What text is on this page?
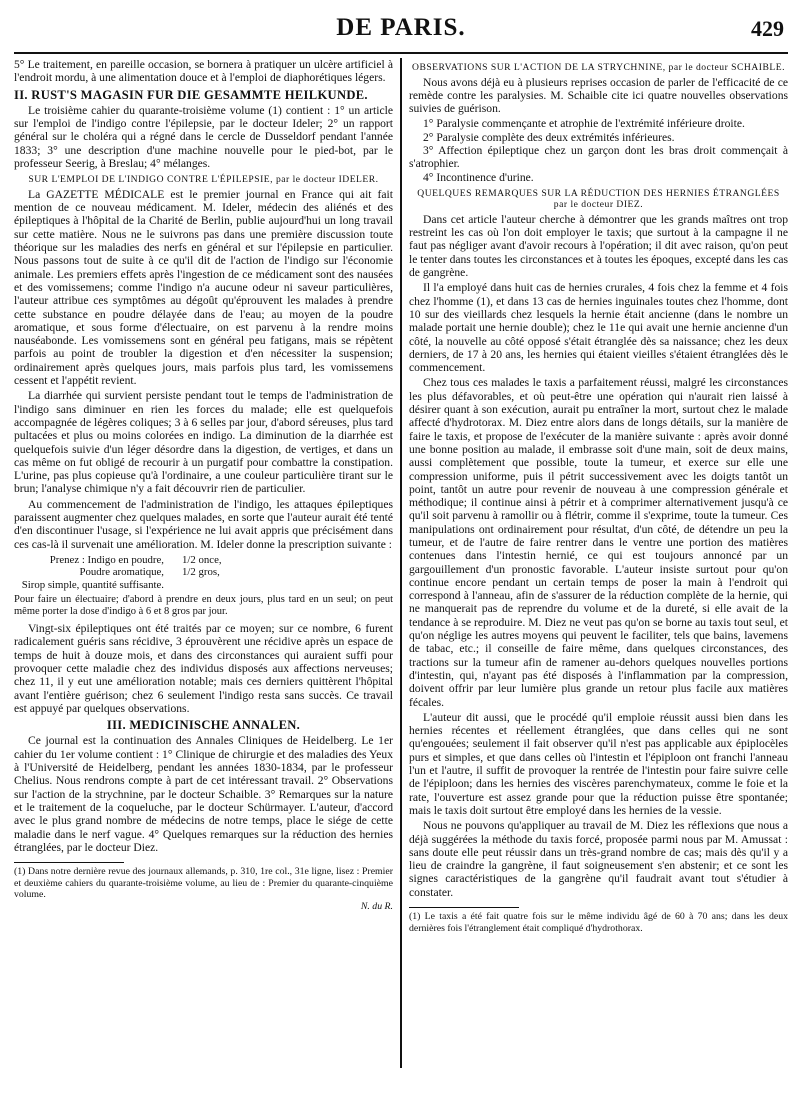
DE PARIS.	429

5° Le traitement, en pareille occasion, se bornera à pratiquer un ulcère artificiel à l'endroit mordu, à une alimentation douce et à l'emploi de diaphorétiques légers.

II. RUST'S MAGASIN FUR DIE GESAMMTE HEILKUNDE.

Le troisième cahier du quarante-troisième volume (1) contient : 1° un article sur l'emploi de l'indigo contre l'épilepsie, par le docteur Ideler; 2° un rapport général sur le choléra qui a régné dans le cercle de Dusseldorf pendant l'année 1833; 3° une description d'une machine nouvelle pour le pied-bot, par le professeur Seerig, à Breslau; 4° mélanges.

SUR L'EMPLOI DE L'INDIGO CONTRE L'ÉPILEPSIE, par le docteur IDELER.

La GAZETTE MÉDICALE est le premier journal en France qui ait fait mention de ce nouveau médicament. M. Ideler, médecin des aliénés et des épileptiques à l'hôpital de la Charité de Berlin, publie aujourd'hui un long travail sur cette matière. Nous ne le suivrons pas dans une première discussion toute théorique sur les maladies des nerfs en général et sur l'épilepsie en particulier. Nous passons tout de suite à ce qu'il dit de l'action de l'indigo sur l'économie animale. Les premiers effets après l'ingestion de ce médicament sont des nausées et des vomissemens; comme l'indigo n'a aucune odeur ni saveur particulières, l'auteur attribue ces symptômes au dégoût qu'éprouvent les malades à prendre cette substance en poudre délayée dans de l'eau; au moyen de la poudre aromatique, et sous forme d'électuaire, on est parvenu à la rendre moins nauséabonde. Les vomissemens sont en général peu fatigans, mais se répètent parfois au point de troubler la digestion et d'en nécessiter la suspension; ordinairement après quelques jours, mais parfois plus tard, les vomissemens cessent et l'appétit revient.

La diarrhée qui survient persiste pendant tout le temps de l'administration de l'indigo sans diminuer en rien les forces du malade; elle est quelquefois accompagnée de légères coliques; 3 à 6 selles par jour, d'abord séreuses, plus tard pultacées et plus ou moins colorées en indigo. La diminution de la diarrhée est quelquefois suivie d'un léger désordre dans la digestion, de vertiges, et dans un cas même on fut obligé de recourir à un purgatif pour combattre la constipation. L'urine, pas plus copieuse qu'à l'ordinaire, a une couleur particulière tirant sur le brun; l'analyse chimique n'y a fait découvrir rien de particulier.

Au commencement de l'administration de l'indigo, les attaques épileptiques paraissent augmenter chez quelques malades, en sorte que l'auteur aurait été tenté d'en discontinuer l'usage, si l'expérience ne lui avait appris que précisément dans ces cas-là il survenait une amélioration. M. Ideler donne la prescription suivante :

Prenez : Indigo en poudre,	1/2 once,
Poudre aromatique,	1/2 gros,
Sirop simple, quantité suffisante.
Pour faire un électuaire; d'abord à prendre en deux jours, plus tard en un seul; on peut même porter la dose d'indigo à 6 et 8 gros par jour.

Vingt-six épileptiques ont été traités par ce moyen; sur ce nombre, 6 furent radicalement guéris sans récidive, 3 éprouvèrent une récidive après un espace de temps de huit à douze mois, et dans des circonstances qui auraient suffi pour provoquer cette maladie chez des individus disposés aux affections nerveuses; chez 11, il y eut une amélioration notable; mais ces derniers quittèrent l'hôpital avant l'entière guérison; chez 6 seulement l'indigo resta sans succès. Ce travail est appuyé par quelques observations.

III. MEDICINISCHE ANNALEN.

Ce journal est la continuation des Annales Cliniques de Heidelberg. Le 1er cahier du 1er volume contient : 1° Clinique de chirurgie et des maladies des Yeux à l'Université de Heidelberg, pendant les années 1830-1834, par le professeur Chelius. Nous rendrons compte à part de cet intéressant travail. 2° Observations sur l'action de la strychnine, par le docteur Schaible. 3° Remarques sur la nature et le traitement de la coqueluche, par le docteur Schürmayer. L'auteur, d'accord avec le plus grand nombre de médecins de notre temps, place le siége de cette maladie dans le nerf vague. 4° Quelques remarques sur la réduction des hernies étranglées, par le docteur Diez.

(1) Dans notre dernière revue des journaux allemands, p. 310, 1re col., 31e ligne, lisez : Premier et deuxième cahiers du quarante-troisième volume, au lieu de : Premier du quarante-cinquième volume.
N. du R.
OBSERVATIONS SUR L'ACTION DE LA STRYCHNINE, par le docteur SCHAIBLE.

Nous avons déjà eu à plusieurs reprises occasion de parler de l'efficacité de ce remède contre les paralysies. M. Schaible cite ici quatre nouvelles observations suivies de guérison.

1° Paralysie commençante et atrophie de l'extrémité inférieure droite.

2° Paralysie complète des deux extrémités inférieures.

3° Affection épileptique chez un garçon dont les bras droit commençait à s'atrophier.

4° Incontinence d'urine.

QUELQUES REMARQUES SUR LA RÉDUCTION DES HERNIES ÉTRANGLÉES par le docteur DIEZ.

Dans cet article l'auteur cherche à démontrer que les grands maîtres ont trop restreint les cas où l'on doit employer le taxis; que surtout à la campagne il ne faut pas négliger avant d'avoir recours à l'opération; il dit avec raison, qu'on peut le tenter dans toutes les circonstances et à toutes les époques, excepté dans les cas de gangrène.

Il l'a employé dans huit cas de hernies crurales, 4 fois chez la femme et 4 fois chez l'homme (1), et dans 13 cas de hernies inguinales toutes chez l'homme, dont 10 sur des vieillards chez lesquels la hernie était ancienne (dans le nombre un malade portait une hernie double); chez le 11e qui avait une hernie ancienne d'un côté, la nouvelle au côté opposé s'était étranglée dès sa naissance; chez les deux derniers, de 17 à 20 ans, les hernies qui étaient vieilles s'étaient étranglées dès le commencement.

Chez tous ces malades le taxis a parfaitement réussi, malgré les circonstances les plus défavorables, et où peut-être une opération qui n'aurait rien laissé à désirer quant à son exécution, aurait pu entraîner la mort, surtout chez le malade affecté d'hydrotorax. M. Diez entre alors dans de longs détails, sur la manière de faire le taxis, et propose de l'exécuter de la manière suivante : après avoir donné une bonne position au malade, il embrasse soit d'une main, soit de deux mains, aussi complètement que possible, toute la tumeur, et exerce sur elle une compression uniforme, puis il pétrit successivement avec les doigts tantôt un point, tantôt un autre pour revenir de nouveau à une compression générale et méthodique; il continue ainsi à pétrir et à comprimer alternativement jusqu'à ce qu'il soit parvenu à ramollir ou à flétrir, comme il s'exprime, toute la tumeur. Ces manipulations ont ordinairement pour résultat, d'un côté, de détendre un peu la tumeur, et de l'autre de faire rentrer dans le ventre une portion des matières contenues dans l'intestin hernié, ce qui est toujours annoncé par un gargouillement d'un pronostic favorable. L'auteur insiste surtout pour qu'on continue encore pendant un certain temps de poser la main à l'endroit qui correspond à l'anneau, afin de s'assurer de la réduction complète de la hernie, qui ne manquerait pas de reprendre du volume et de la dureté, si elle avait de la tendance à se reproduire. M. Diez ne veut pas qu'on se borne au taxis tout seul, et qu'on néglige les autres moyens qui peuvent le faciliter, tels que bains, lavemens de tabac, etc.; il conseille de faire même, dans quelques circonstances, des tractions sur la tumeur afin de ramener au-dehors quelques nouvelles portions d'intestin, qui, n'ayant pas été disposés à l'inflammation par la compression, doivent offrir par leur lumière plus grande un retour plus facile aux matières fécales.

L'auteur dit aussi, que le procédé qu'il emploie réussit aussi bien dans les hernies récentes et réellement étranglées, que dans celles qui ne sont qu'engouées; seulement il fait observer qu'il n'est pas applicable aux épiplocèles purs et simples, et que dans celles où l'intestin et l'épiploon ont franchi l'anneau l'un et l'autre, il suffit de provoquer la rentrée de l'intestin pour faire suivre celle de l'épiploon; dans les hernies des viscères parenchymateux, comme le foie et la rate, l'ouverture est assez grande pour que la réduction puisse être spontanée; mais le taxis doit surtout être employé dans les hernies de la vessie.

Nous ne pouvons qu'appliquer au travail de M. Diez les réflexions que nous a déjà suggérées la méthode du taxis forcé, proposée parmi nous par M. Amussat : sans doute elle peut réussir dans un très-grand nombre de cas; mais dès qu'il y a lieu de craindre la gangrène, il faut soigneusement s'en abstenir; et ce sont les signes caractéristiques de la gangrène qu'il faudrait avant tout s'étudier à constater.

(1) Le taxis a été fait quatre fois sur le même individu âgé de 60 à 70 ans; dans les deux dernières fois l'étranglement était compliqué d'hydrothorax.
